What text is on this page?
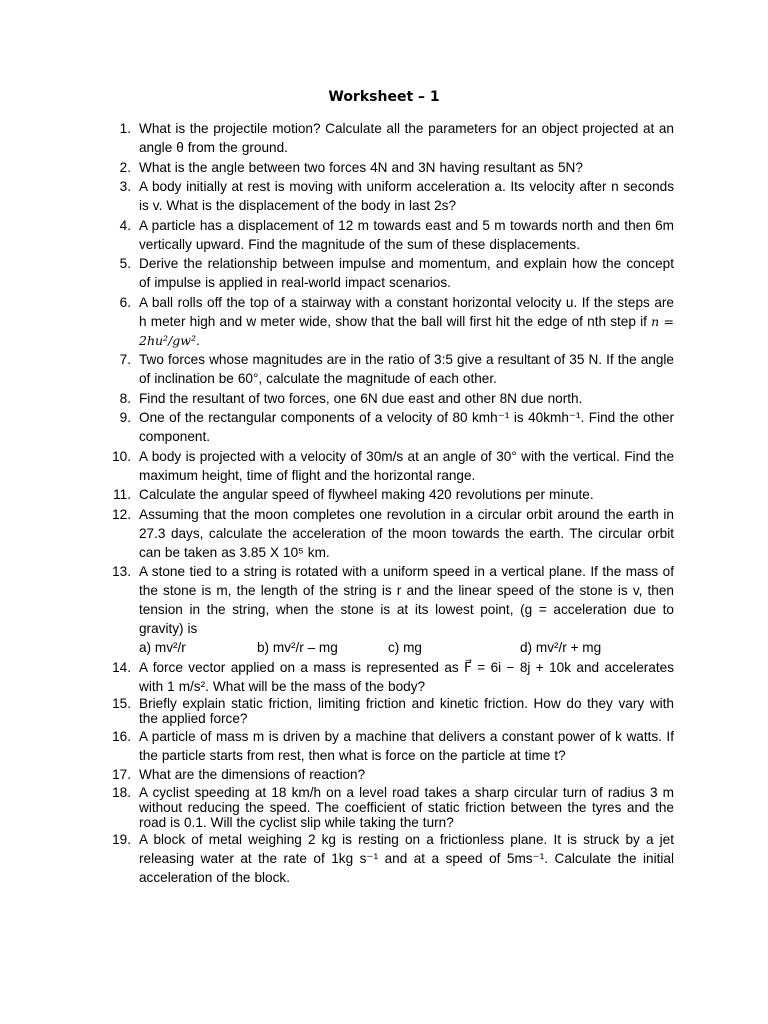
Worksheet – 1
1. What is the projectile motion? Calculate all the parameters for an object projected at an angle θ from the ground.
2. What is the angle between two forces 4N and 3N having resultant as 5N?
3. A body initially at rest is moving with uniform acceleration a. Its velocity after n seconds is v. What is the displacement of the body in last 2s?
4. A particle has a displacement of 12 m towards east and 5 m towards north and then 6m vertically upward. Find the magnitude of the sum of these displacements.
5. Derive the relationship between impulse and momentum, and explain how the concept of impulse is applied in real-world impact scenarios.
6. A ball rolls off the top of a stairway with a constant horizontal velocity u. If the steps are h meter high and w meter wide, show that the ball will first hit the edge of nth step if n = 2hu²/gw².
7. Two forces whose magnitudes are in the ratio of 3:5 give a resultant of 35 N. If the angle of inclination be 60°, calculate the magnitude of each other.
8. Find the resultant of two forces, one 6N due east and other 8N due north.
9. One of the rectangular components of a velocity of 80 kmh⁻¹ is 40kmh⁻¹. Find the other component.
10. A body is projected with a velocity of 30m/s at an angle of 30° with the vertical. Find the maximum height, time of flight and the horizontal range.
11. Calculate the angular speed of flywheel making 420 revolutions per minute.
12. Assuming that the moon completes one revolution in a circular orbit around the earth in 27.3 days, calculate the acceleration of the moon towards the earth. The circular orbit can be taken as 3.85 X 10⁵ km.
13. A stone tied to a string is rotated with a uniform speed in a vertical plane. If the mass of the stone is m, the length of the string is r and the linear speed of the stone is v, then tension in the string, when the stone is at its lowest point, (g = acceleration due to gravity) is
a) mv²/r	b) mv²/r – mg	c) mg	d) mv²/r + mg
14. A force vector applied on a mass is represented as F⃗ = 6i − 8j + 10k and accelerates with 1 m/s². What will be the mass of the body?
15. Briefly explain static friction, limiting friction and kinetic friction. How do they vary with the applied force?
16. A particle of mass m is driven by a machine that delivers a constant power of k watts. If the particle starts from rest, then what is force on the particle at time t?
17. What are the dimensions of reaction?
18. A cyclist speeding at 18 km/h on a level road takes a sharp circular turn of radius 3 m without reducing the speed. The coefficient of static friction between the tyres and the road is 0.1. Will the cyclist slip while taking the turn?
19. A block of metal weighing 2 kg is resting on a frictionless plane. It is struck by a jet releasing water at the rate of 1kg s⁻¹ and at a speed of 5ms⁻¹. Calculate the initial acceleration of the block.
